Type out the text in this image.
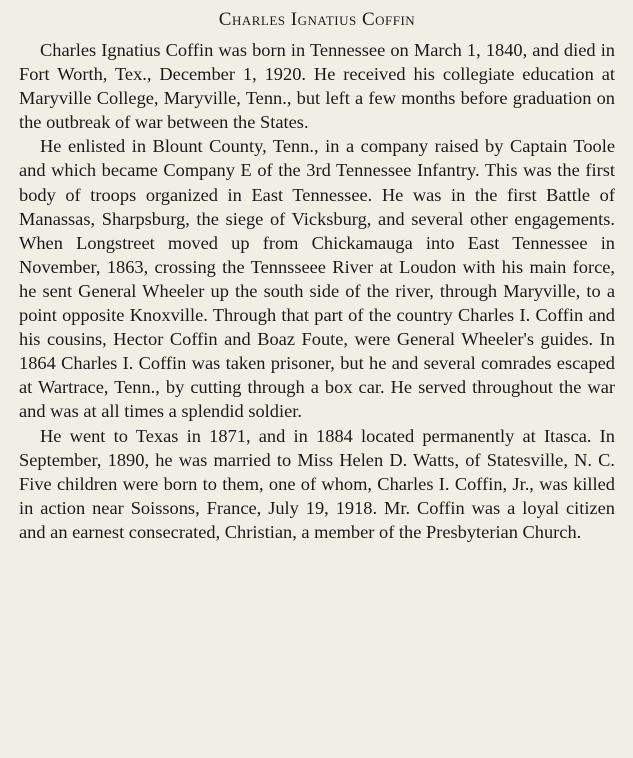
Charles Ignatius Coffin

Charles Ignatius Coffin was born in Tennessee on March 1, 1840, and died in Fort Worth, Tex., December 1, 1920. He received his collegiate education at Maryville College, Maryville, Tenn., but left a few months before graduation on the outbreak of war between the States.

He enlisted in Blount County, Tenn., in a company raised by Captain Toole and which became Company E of the 3rd Tennessee Infantry. This was the first body of troops organized in East Tennessee. He was in the first Battle of Manassas, Sharpsburg, the siege of Vicksburg, and several other engagements. When Longstreet moved up from Chickamauga into East Tennessee in November, 1863, crossing the Tennsseee River at Loudon with his main force, he sent General Wheeler up the south side of the river, through Maryville, to a point opposite Knoxville. Through that part of the country Charles I. Coffin and his cousins, Hector Coffin and Boaz Foute, were General Wheeler's guides. In 1864 Charles I. Coffin was taken prisoner, but he and several comrades escaped at Wartrace, Tenn., by cutting through a box car. He served throughout the war and was at all times a splendid soldier.

He went to Texas in 1871, and in 1884 located permanently at Itasca. In September, 1890, he was married to Miss Helen D. Watts, of Statesville, N. C. Five children were born to them, one of whom, Charles I. Coffin, Jr., was killed in action near Soissons, France, July 19, 1918. Mr. Coffin was a loyal citizen and an earnest consecrated, Christian, a member of the Presbyterian Church.
